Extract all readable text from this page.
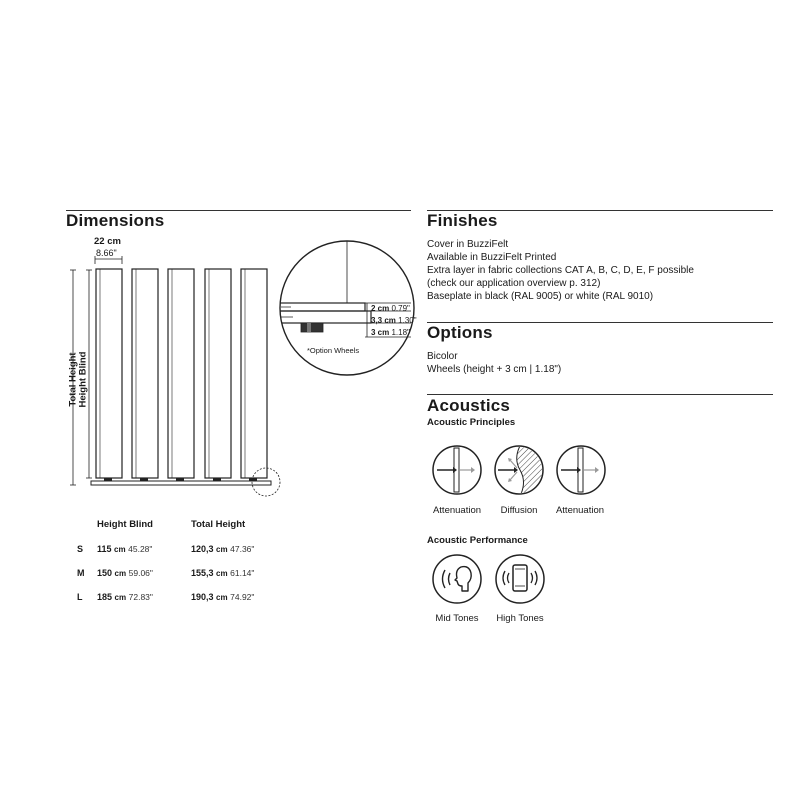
Dimensions
22 cm
8.66"
Total Height Height Blind
2 cm 0.79"
3,3 cm 1.30"
3 cm 1.18"
*Option Wheels
Height Blind	Total Height
S 115 cm 45.28"	120,3 cm 47.36"
M 150 cm 59.06"	155,3 cm 61.14"
L 185 cm 72.83"	190,3 cm 74.92"
Finishes
Cover in BuzziFelt
Available in BuzziFelt Printed
Extra layer in fabric collections CAT A, B, C, D, E, F possible
(check our application overview p. 312)
Baseplate in black (RAL 9005) or white (RAL 9010)
Options
Bicolor
Wheels (height + 3 cm | 1.18")
Acoustics
Acoustic Principles
Attenuation	Diffusion	Attenuation
Acoustic Performance
Mid Tones	High Tones
